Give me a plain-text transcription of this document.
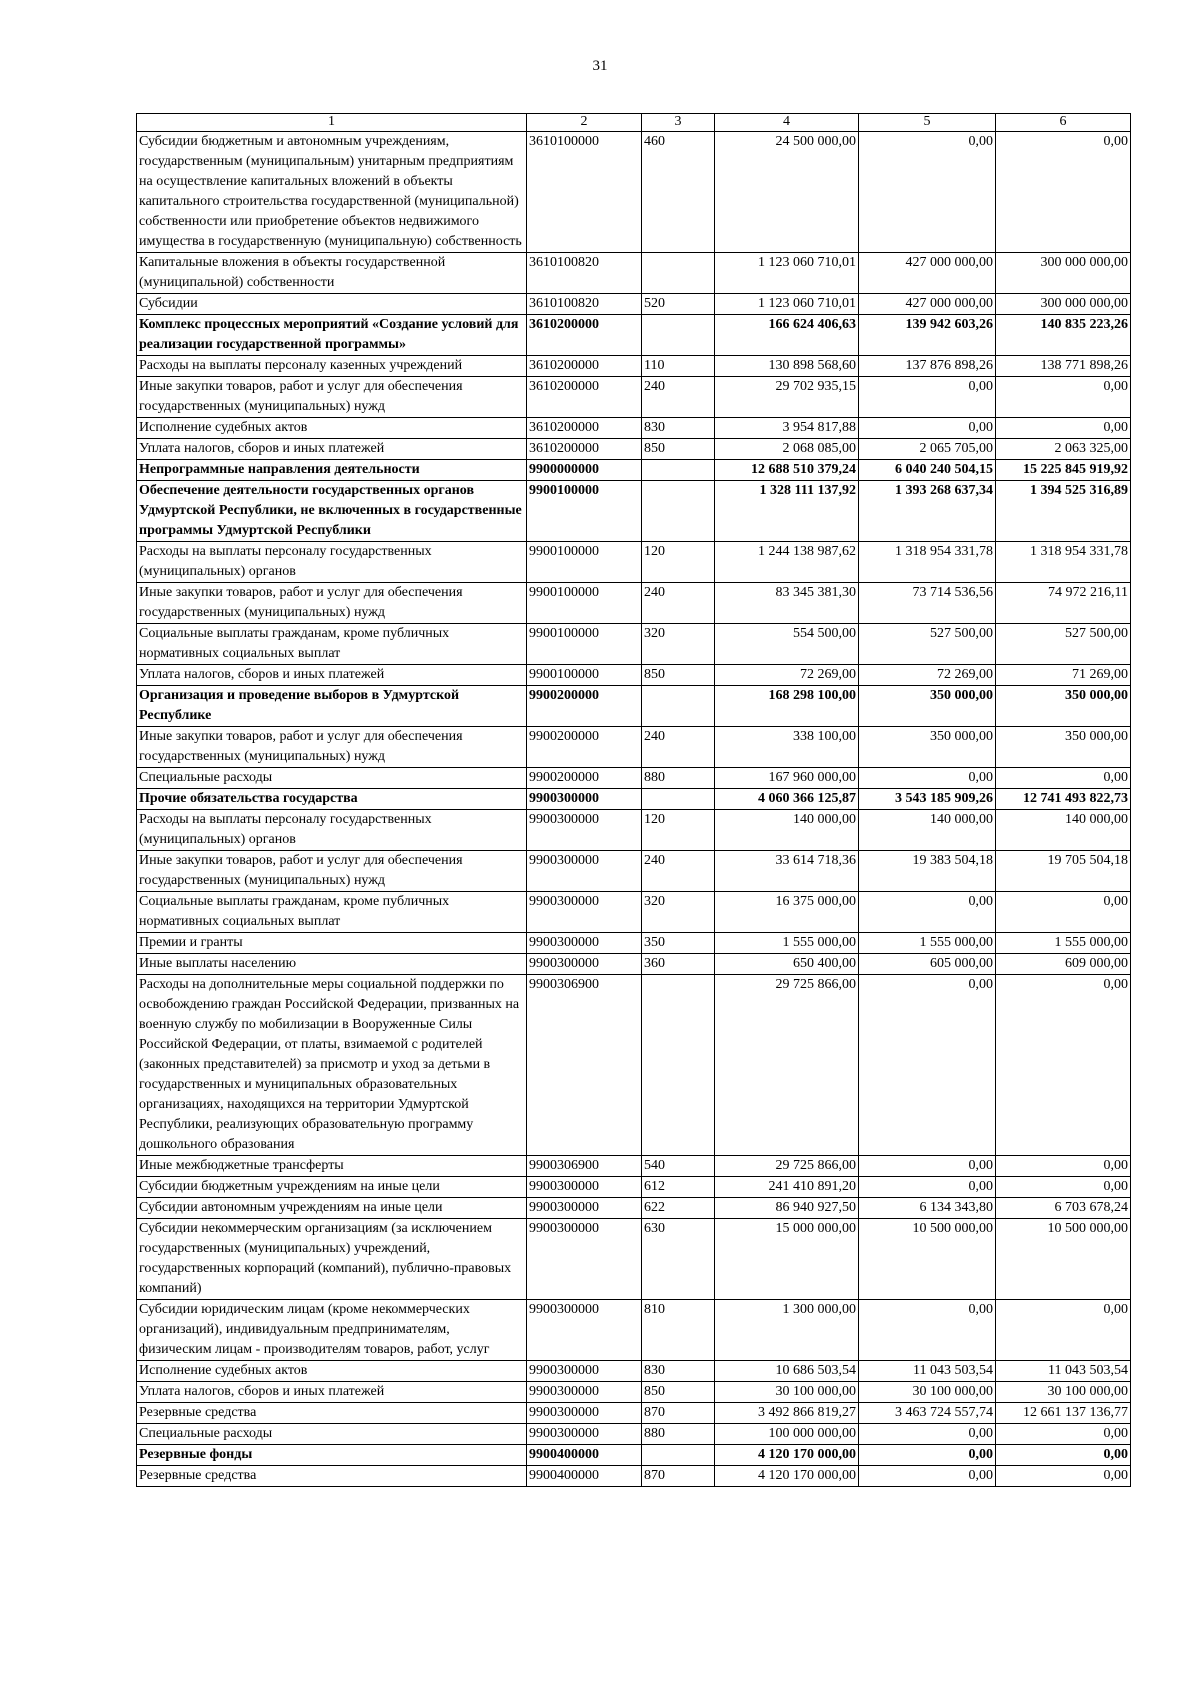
31
1	2	3	4	5	6
Субсидии бюджетным и автономным учреждениям, государственным (муниципальным) унитарным предприятиям на осуществление капитальных вложений в объекты капитального строительства государственной (муниципальной) собственности или приобретение объектов недвижимого имущества в государственную (муниципальную) собственность	3610100000	460	24 500 000,00	0,00	0,00
Капитальные вложения в объекты государственной (муниципальной) собственности	3610100820		1 123 060 710,01	427 000 000,00	300 000 000,00
Субсидии	3610100820	520	1 123 060 710,01	427 000 000,00	300 000 000,00
Комплекс процессных мероприятий «Создание условий для реализации государственной программы»	3610200000		166 624 406,63	139 942 603,26	140 835 223,26
Расходы на выплаты персоналу казенных учреждений	3610200000	110	130 898 568,60	137 876 898,26	138 771 898,26
Иные закупки товаров, работ и услуг для обеспечения государственных (муниципальных) нужд	3610200000	240	29 702 935,15	0,00	0,00
Исполнение судебных актов	3610200000	830	3 954 817,88	0,00	0,00
Уплата налогов, сборов и иных платежей	3610200000	850	2 068 085,00	2 065 705,00	2 063 325,00
Непрограммные направления деятельности	9900000000		12 688 510 379,24	6 040 240 504,15	15 225 845 919,92
Обеспечение деятельности государственных органов Удмуртской Республики, не включенных в государственные программы Удмуртской Республики	9900100000		1 328 111 137,92	1 393 268 637,34	1 394 525 316,89
Расходы на выплаты персоналу государственных (муниципальных) органов	9900100000	120	1 244 138 987,62	1 318 954 331,78	1 318 954 331,78
Иные закупки товаров, работ и услуг для обеспечения государственных (муниципальных) нужд	9900100000	240	83 345 381,30	73 714 536,56	74 972 216,11
Социальные выплаты гражданам, кроме публичных нормативных социальных выплат	9900100000	320	554 500,00	527 500,00	527 500,00
Уплата налогов, сборов и иных платежей	9900100000	850	72 269,00	72 269,00	71 269,00
Организация и проведение выборов в Удмуртской Республике	9900200000		168 298 100,00	350 000,00	350 000,00
Иные закупки товаров, работ и услуг для обеспечения государственных (муниципальных) нужд	9900200000	240	338 100,00	350 000,00	350 000,00
Специальные расходы	9900200000	880	167 960 000,00	0,00	0,00
Прочие обязательства государства	9900300000		4 060 366 125,87	3 543 185 909,26	12 741 493 822,73
Расходы на выплаты персоналу государственных (муниципальных) органов	9900300000	120	140 000,00	140 000,00	140 000,00
Иные закупки товаров, работ и услуг для обеспечения государственных (муниципальных) нужд	9900300000	240	33 614 718,36	19 383 504,18	19 705 504,18
Социальные выплаты гражданам, кроме публичных нормативных социальных выплат	9900300000	320	16 375 000,00	0,00	0,00
Премии и гранты	9900300000	350	1 555 000,00	1 555 000,00	1 555 000,00
Иные выплаты населению	9900300000	360	650 400,00	605 000,00	609 000,00
Расходы на дополнительные меры социальной поддержки по освобождению граждан Российской Федерации, призванных на военную службу по мобилизации в Вооруженные Силы Российской Федерации, от платы, взимаемой с родителей (законных представителей) за присмотр и уход за детьми в государственных и муниципальных образовательных организациях, находящихся на территории Удмуртской Республики, реализующих образовательную программу дошкольного образования	9900306900		29 725 866,00	0,00	0,00
Иные межбюджетные трансферты	9900306900	540	29 725 866,00	0,00	0,00
Субсидии бюджетным учреждениям на иные цели	9900300000	612	241 410 891,20	0,00	0,00
Субсидии автономным учреждениям на иные цели	9900300000	622	86 940 927,50	6 134 343,80	6 703 678,24
Субсидии некоммерческим организациям (за исключением государственных (муниципальных) учреждений, государственных корпораций (компаний), публично-правовых компаний)	9900300000	630	15 000 000,00	10 500 000,00	10 500 000,00
Субсидии юридическим лицам (кроме некоммерческих организаций), индивидуальным предпринимателям, физическим лицам - производителям товаров, работ, услуг	9900300000	810	1 300 000,00	0,00	0,00
Исполнение судебных актов	9900300000	830	10 686 503,54	11 043 503,54	11 043 503,54
Уплата налогов, сборов и иных платежей	9900300000	850	30 100 000,00	30 100 000,00	30 100 000,00
Резервные средства	9900300000	870	3 492 866 819,27	3 463 724 557,74	12 661 137 136,77
Специальные расходы	9900300000	880	100 000 000,00	0,00	0,00
Резервные фонды	9900400000		4 120 170 000,00	0,00	0,00
Резервные средства	9900400000	870	4 120 170 000,00	0,00	0,00
